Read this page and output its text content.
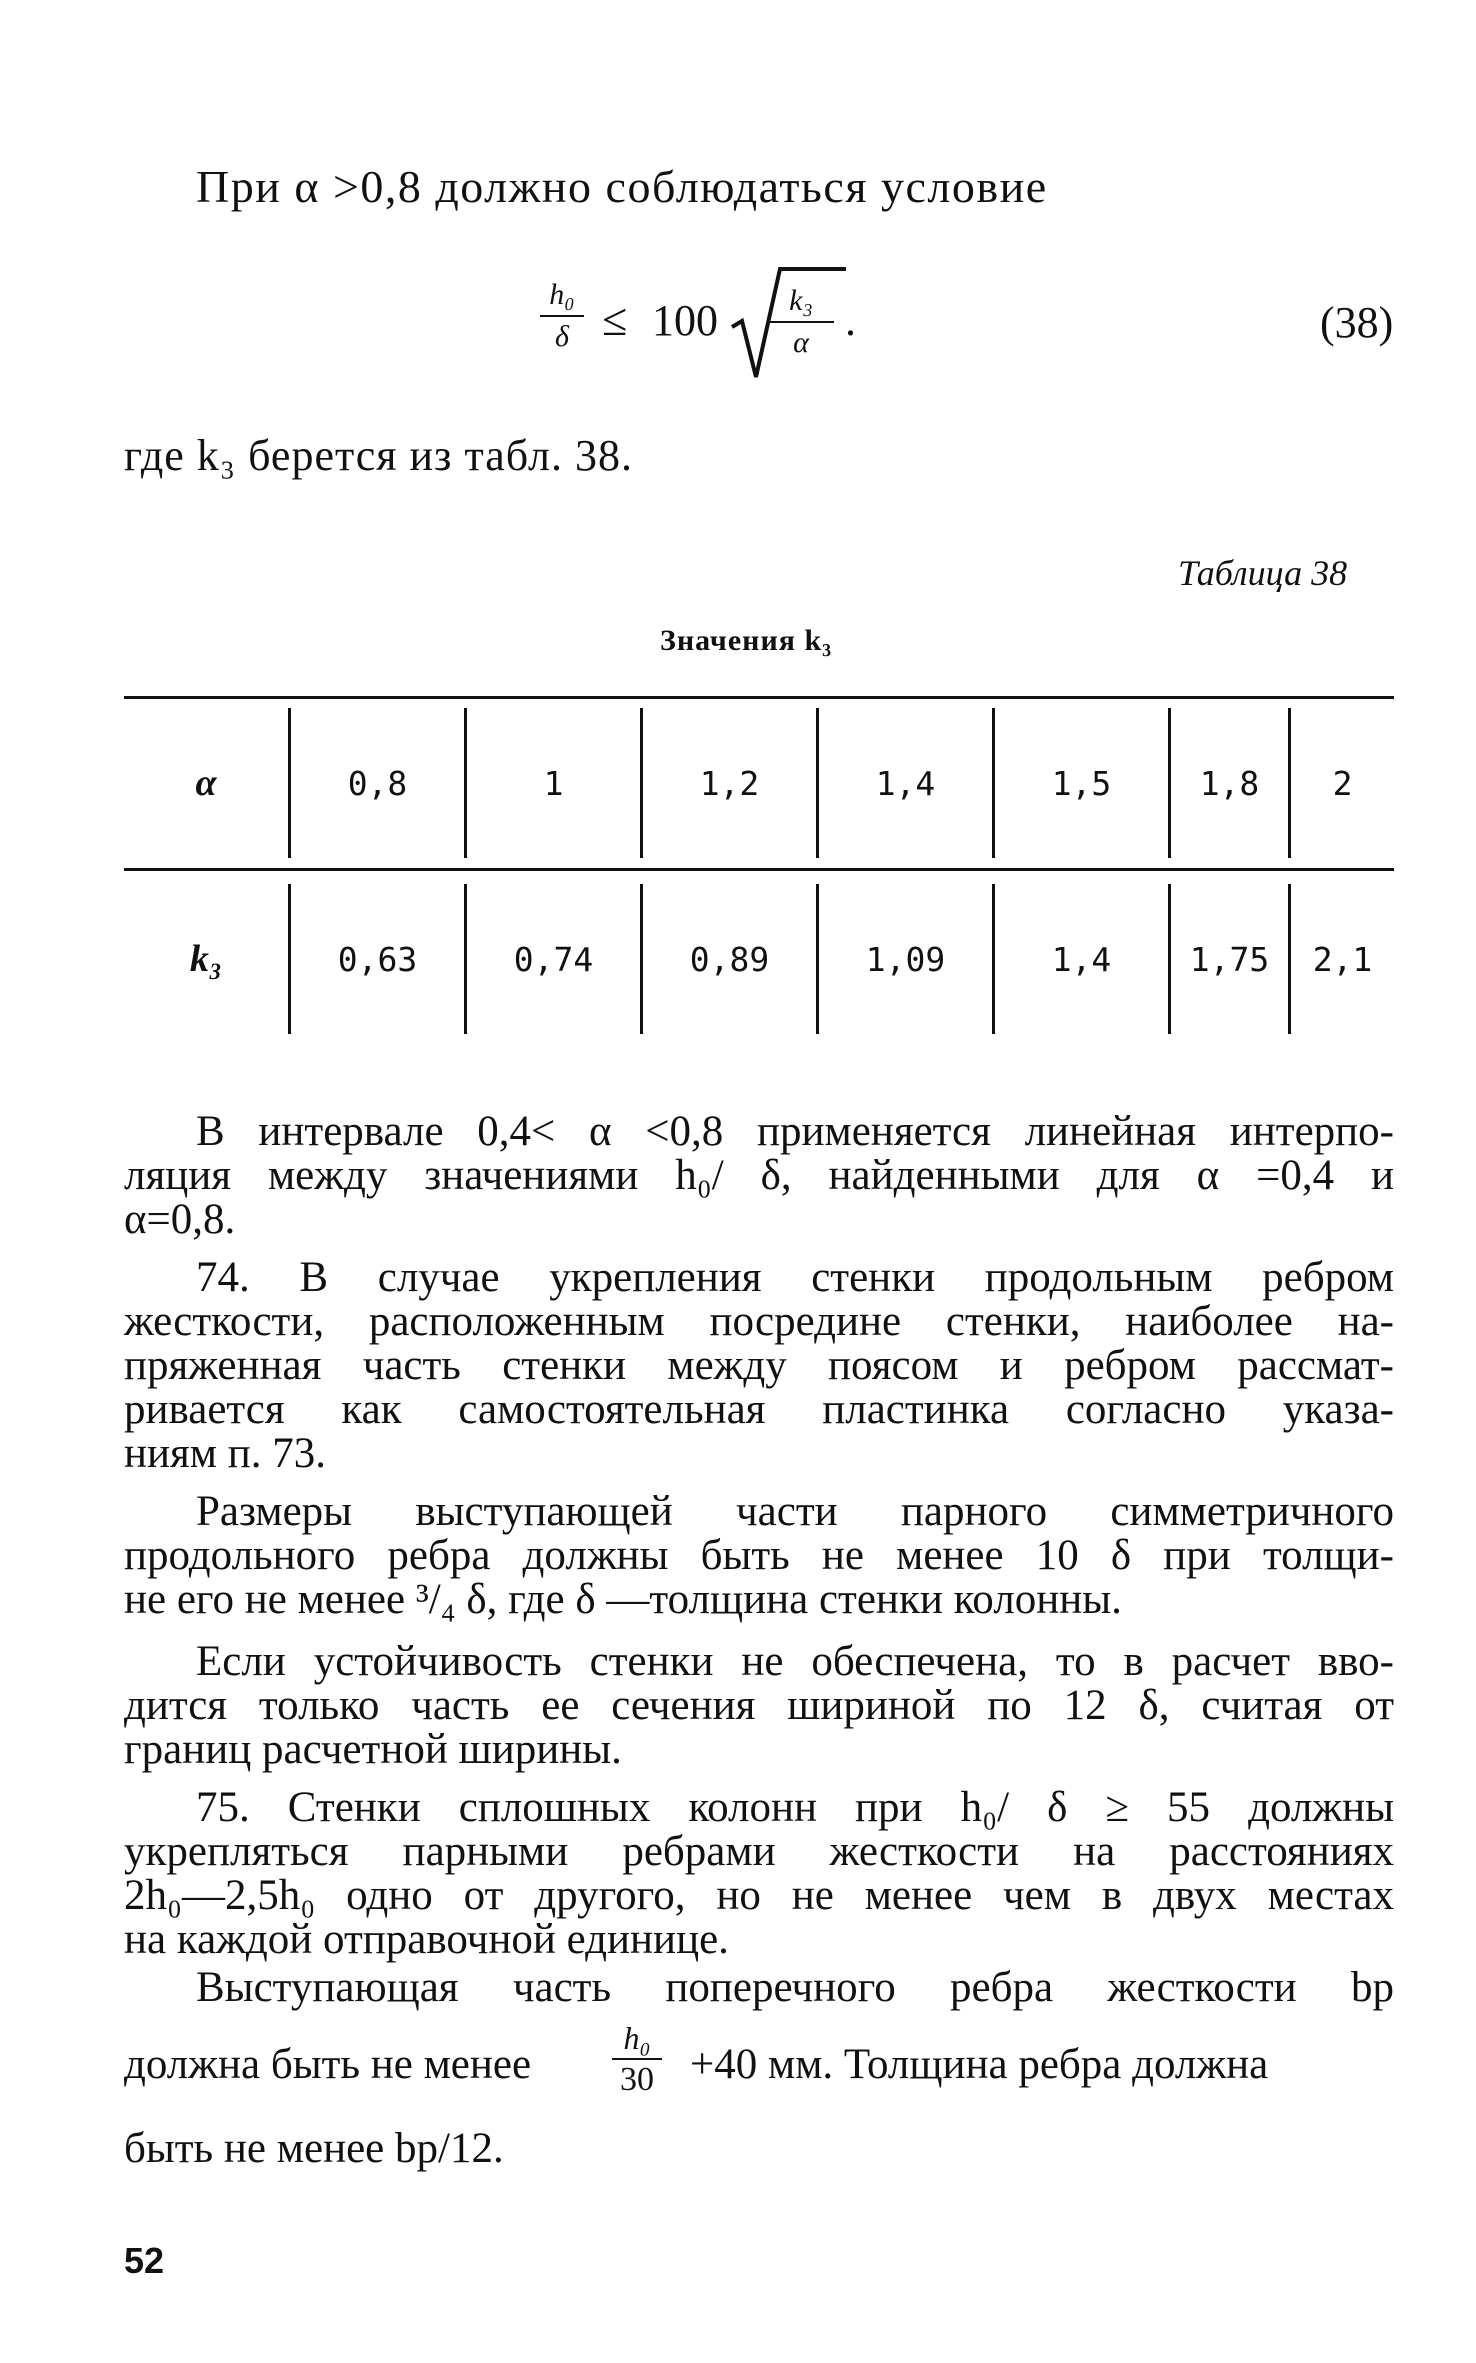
При α >0,8 должно соблюдаться условие
h₀
δ ≤ 100 k₃
α .	(38)
где k₃ берется из табл. 38.
Таблица 38
Значения k₃
α	0,8	1	1,2	1,4	1,5	1,8	2
k₃	0,63	0,74	0,89	1,09	1,4	1,75	2,1
В интервале 0,4< α <0,8 применяется линейная интерпо-
ляция между значениями h₀/ δ, найденными для α =0,4 и
α=0,8.
74. В случае укрепления стенки продольным ребром
жесткости, расположенным посредине стенки, наиболее на-
пряженная часть стенки между поясом и ребром рассмат-
ривается как самостоятельная пластинка согласно указа-
ниям п. 73.
Размеры выступающей части парного симметричного
продольного ребра должны быть не менее 10 δ при толщи-
не его не менее ³/₄ δ, где δ —толщина стенки колонны.
Если устойчивость стенки не обеспечена, то в расчет вво-
дится только часть ее сечения шириной по 12 δ, считая от
границ расчетной ширины.
75. Стенки сплошных колонн при h₀/ δ ≥ 55 должны
укрепляться парными ребрами жесткости на расстояниях
2h₀—2,5h₀ одно от другого, но не менее чем в двух местах
на каждой отправочной единице.
Выступающая часть поперечного ребра жесткости bр
должна быть не менее
h₀
30 +40 мм. Толщина ребра должна
быть не менее bр/12.
52
